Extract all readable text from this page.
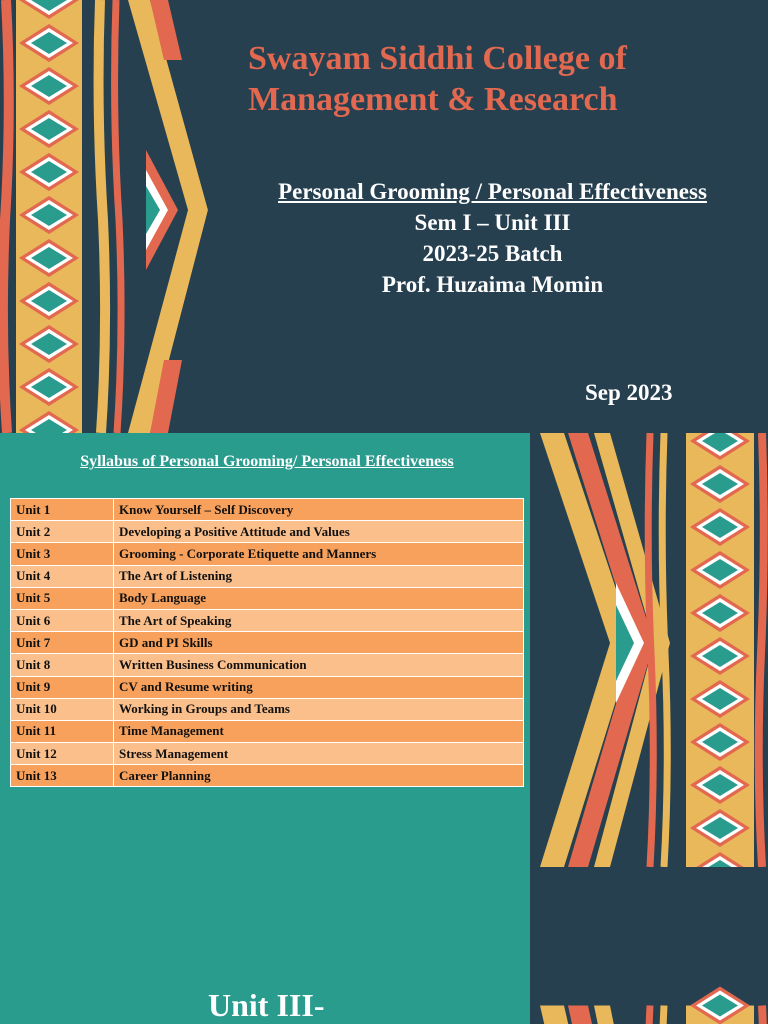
Swayam Siddhi College of
Management & Research
Personal Grooming / Personal Effectiveness
Sem I – Unit III
2023-25 Batch
Prof. Huzaima Momin
Sep 2023
Syllabus of Personal Grooming/ Personal Effectiveness
Unit 1	Know Yourself – Self Discovery
Unit 2	Developing a Positive Attitude and Values
Unit 3	Grooming - Corporate Etiquette and Manners
Unit 4	The Art of Listening
Unit 5	Body Language
Unit 6	The Art of Speaking
Unit 7	GD and PI Skills
Unit 8	Written Business Communication
Unit 9	CV and Resume writing
Unit 10	Working in Groups and Teams
Unit 11	Time Management
Unit 12	Stress Management
Unit 13	Career Planning
Unit III-
